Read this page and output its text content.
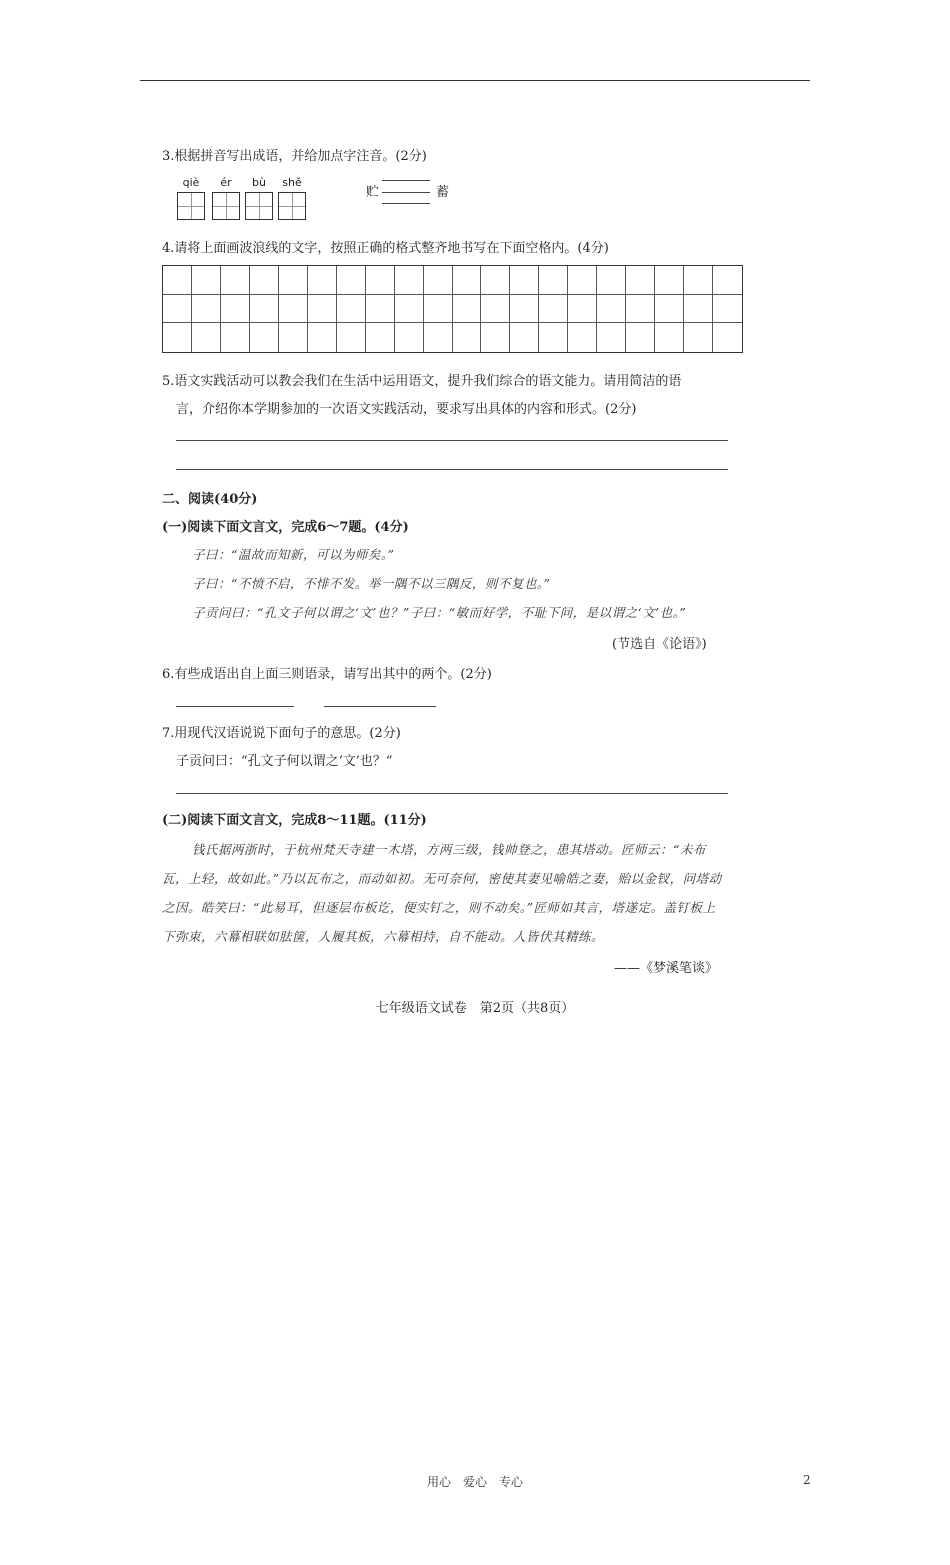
3.根据拼音写出成语，并给加点字注音。(2分)
qiè	ér	bù	shě
贮	蓄
4.请将上面画波浪线的文字，按照正确的格式整齐地书写在下面空格内。(4分)
5.语文实践活动可以教会我们在生活中运用语文，提升我们综合的语文能力。请用简洁的语
言，介绍你本学期参加的一次语文实践活动，要求写出具体的内容和形式。(2分)
二、阅读(40分)
(一)阅读下面文言文，完成6～7题。(4分)
子曰：“温故而知新，可以为师矣。”
子曰：“不愤不启，不悱不发。举一隅不以三隅反，则不复也。”
子贡问曰：“孔文子何以谓之‘文’也？”子曰：“敏而好学，不耻下问，是以谓之‘文’也。”
(节选自《论语》)
6.有些成语出自上面三则语录，请写出其中的两个。(2分)
7.用现代汉语说说下面句子的意思。(2分)
子贡问曰：“孔文子何以谓之‘文’也？”
(二)阅读下面文言文，完成8～11题。(11分)
钱氏据两浙时，于杭州梵天寺建一木塔，方两三级，钱帅登之，患其塔动。匠师云：“未布
瓦，上轻，故如此。”乃以瓦布之，而动如初。无可奈何，密使其妻见喻皓之妻，贻以金钗，问塔动
之因。皓笑曰：“此易耳，但逐层布板讫，便实钉之，则不动矣。”匠师如其言，塔遂定。盖钉板上
下弥束，六幕相联如胠箧，人履其板，六幕相持，自不能动。人皆伏其精练。
——《梦溪笔谈》
七年级语文试卷　第2页（共8页）
用心　爱心　专心	2
